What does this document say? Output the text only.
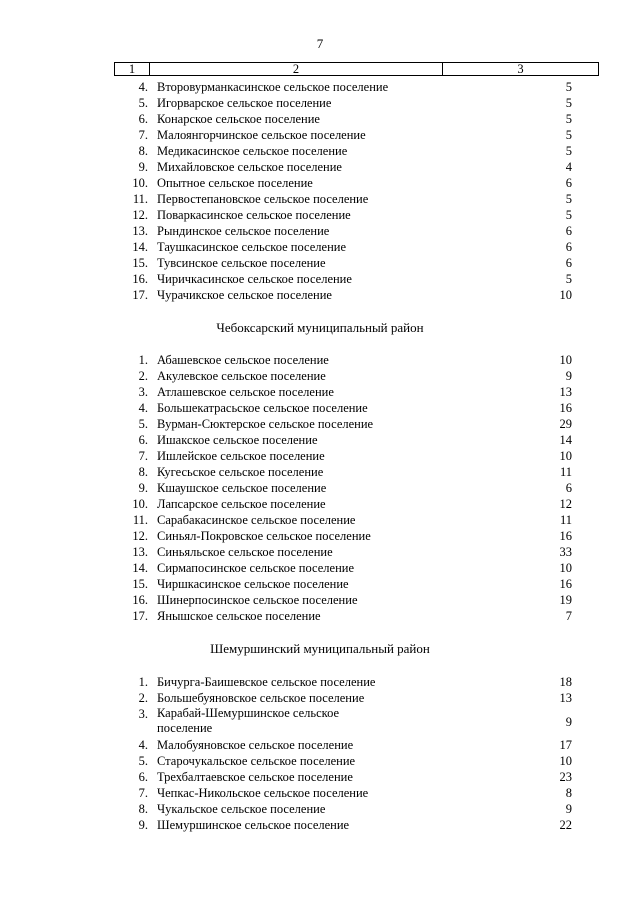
7
1	2	3
4. Второвурманкасинское сельское поселение	5
5. Игорварское сельское поселение	5
6. Конарское сельское поселение	5
7. Малоянгорчинское сельское поселение	5
8. Медикасинское сельское поселение	5
9. Михайловское сельское поселение	4
10. Опытное сельское поселение	6
11. Первостепановское сельское поселение	5
12. Поваркасинское сельское поселение	5
13. Рындинское сельское поселение	6
14. Таушкасинское сельское поселение	6
15. Тувсинское сельское поселение	6
16. Чиричкасинское сельское поселение	5
17. Чурачикское сельское поселение	10
Чебоксарский муниципальный район
1. Абашевское сельское поселение	10
2. Акулевское сельское поселение	9
3. Атлашевское сельское поселение	13
4. Большекатрасьское сельское поселение	16
5. Вурман-Сюктерское сельское поселение	29
6. Ишакское сельское поселение	14
7. Ишлейское сельское поселение	10
8. Кугесьское сельское поселение	11
9. Кшаушское сельское поселение	6
10. Лапсарское сельское поселение	12
11. Сарабакасинское сельское поселение	11
12. Синьял-Покровское сельское поселение	16
13. Синьяльское сельское поселение	33
14. Сирмапосинское сельское поселение	10
15. Чиршкасинское сельское поселение	16
16. Шинерпосинское сельское поселение	19
17. Янышское сельское поселение	7
Шемуршинский муниципальный район
1. Бичурга-Баишевское сельское поселение	18
2. Большебуяновское сельское поселение	13
3. Карабай-Шемуршинское сельское поселение	9
4. Малобуяновское сельское поселение	17
5. Старочукальское сельское поселение	10
6. Трехбалтаевское сельское поселение	23
7. Чепкас-Никольское сельское поселение	8
8. Чукальское сельское поселение	9
9. Шемуршинское сельское поселение	22
